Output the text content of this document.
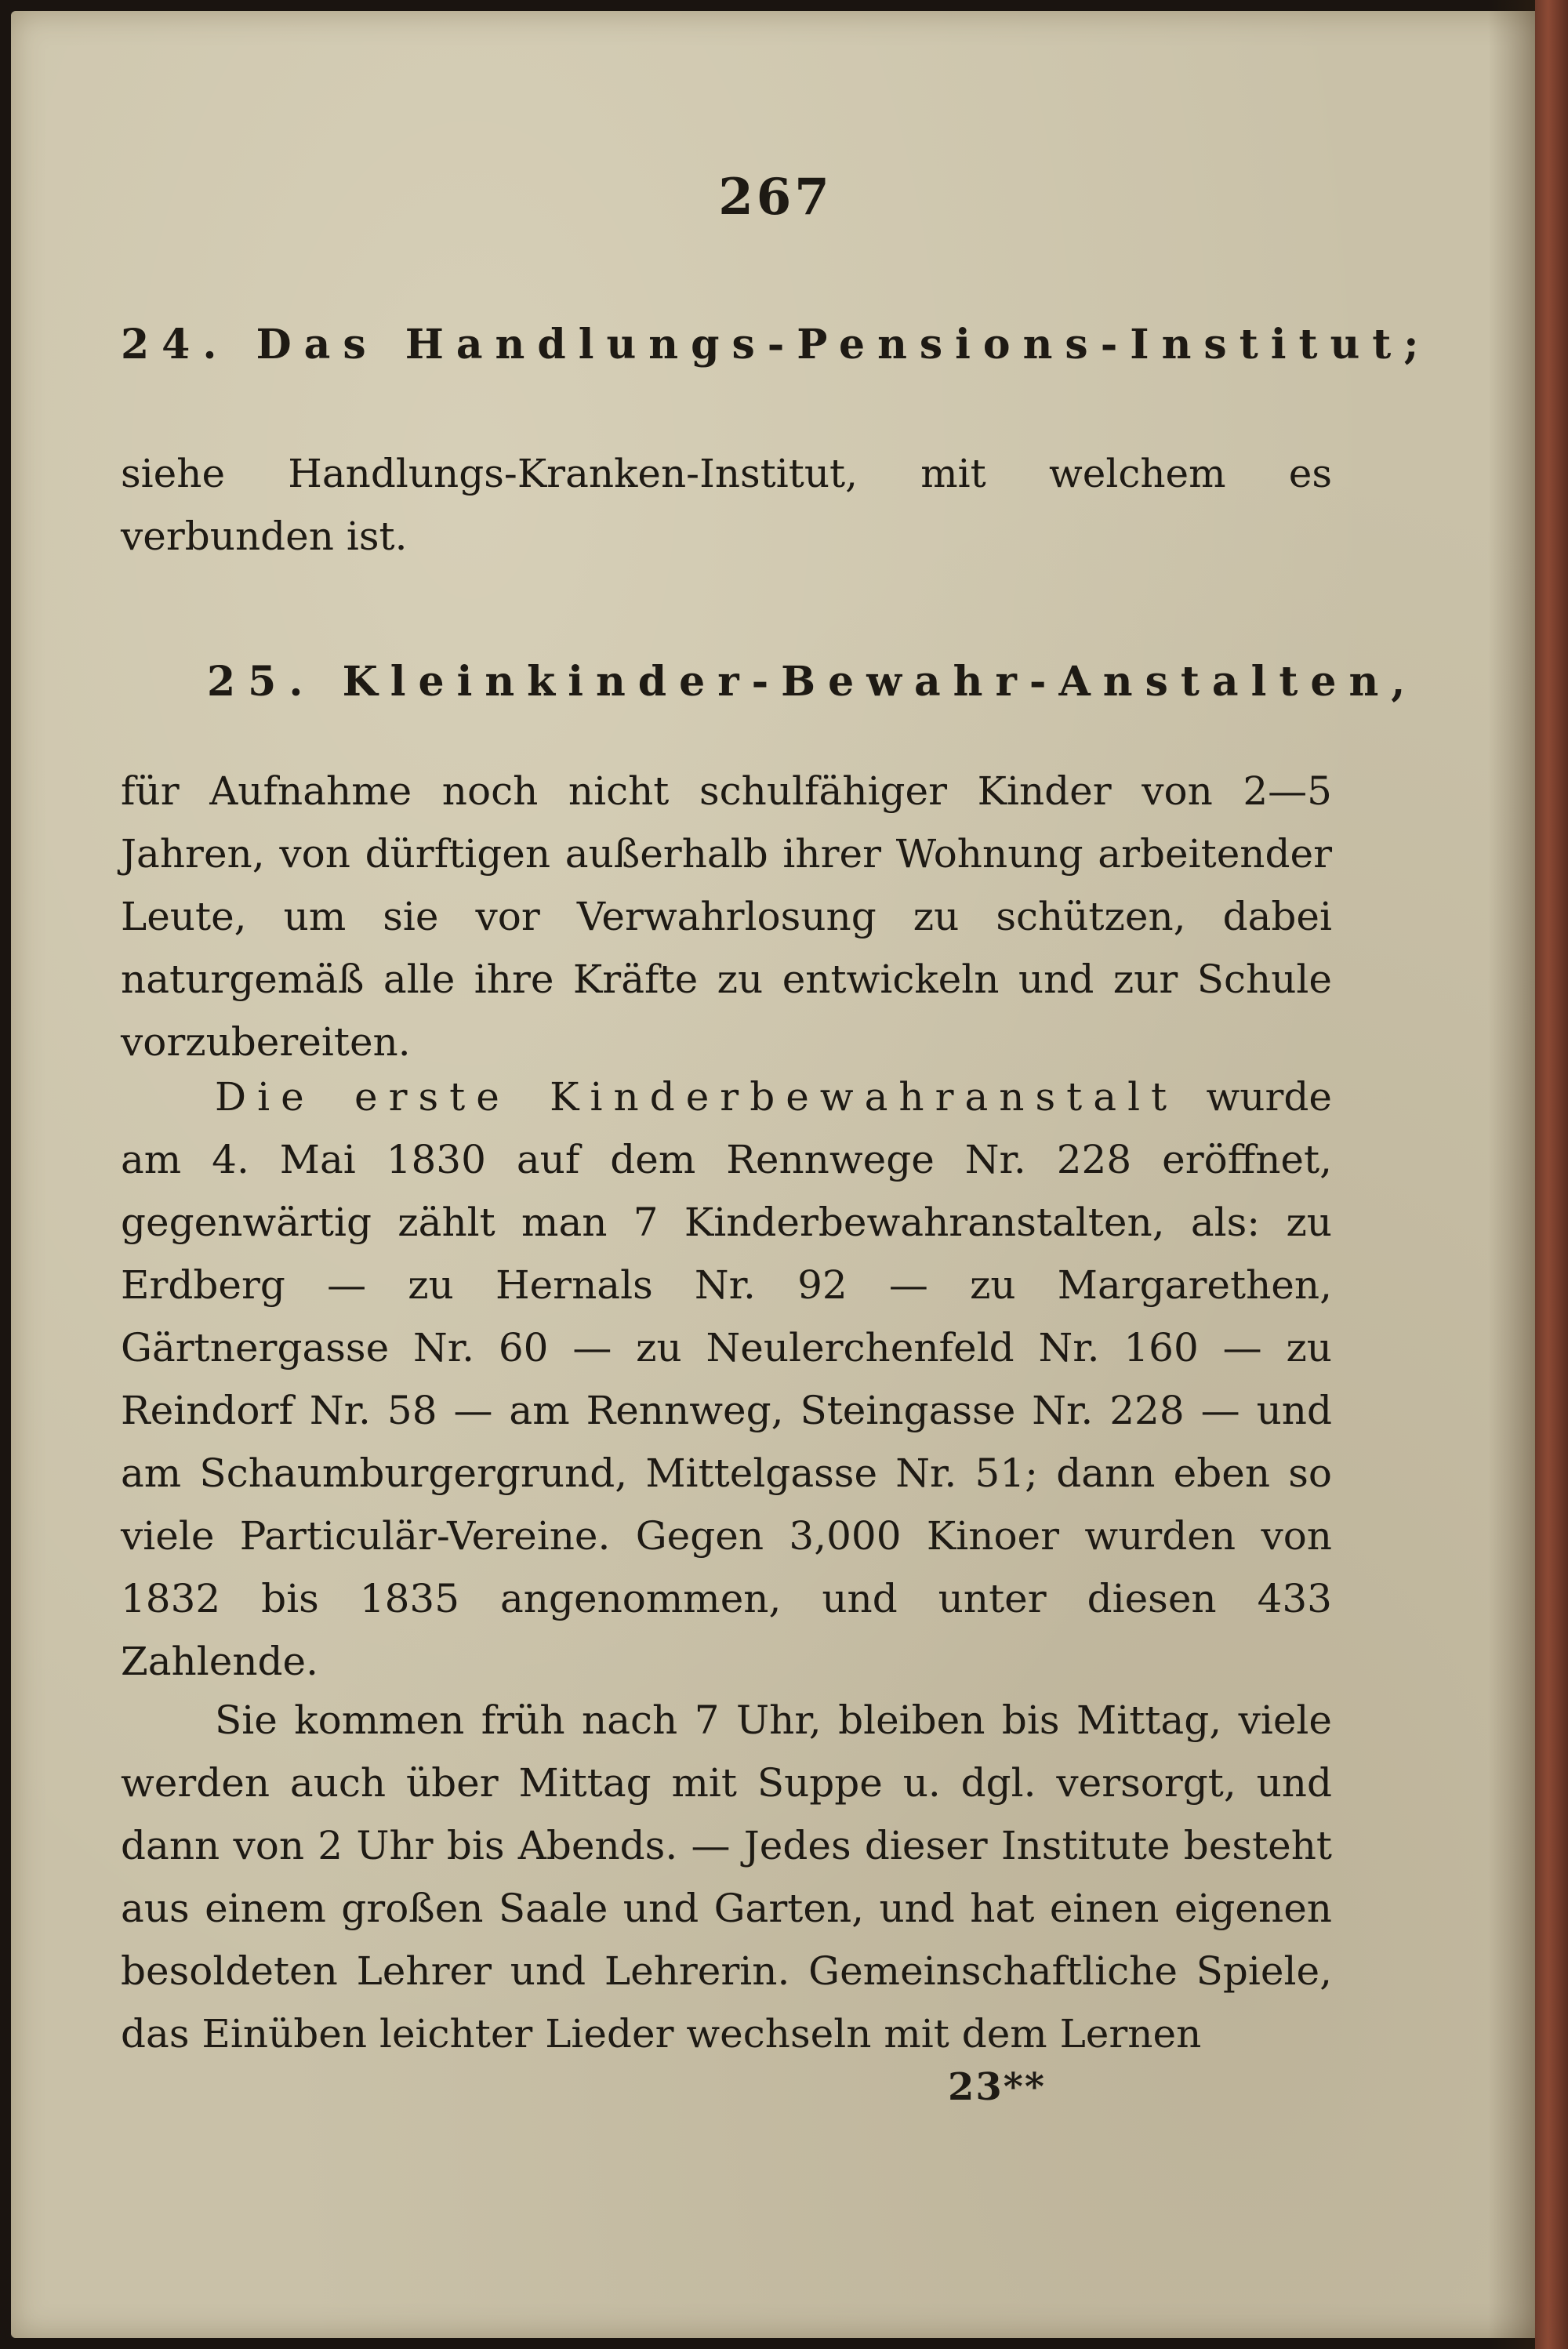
267
24. Das Handlungs-Pensions-Institut;
siehe Handlungs-Kranken-Institut, mit welchem es verbunden ist.
25. Kleinkinder-Bewahr-Anstalten,
für Aufnahme noch nicht schulfähiger Kinder von 2—5 Jahren, von dürftigen außerhalb ihrer Wohnung arbeitender Leute, um sie vor Verwahrlosung zu schützen, dabei naturgemäß alle ihre Kräfte zu entwickeln und zur Schule vorzubereiten.
Die erste Kinderbewahranstalt wurde am 4. Mai 1830 auf dem Rennwege Nr. 228 eröffnet, gegenwärtig zählt man 7 Kinderbewahranstalten, als: zu Erdberg — zu Hernals Nr. 92 — zu Margarethen, Gärtnergasse Nr. 60 — zu Neulerchenfeld Nr. 160 — zu Reindorf Nr. 58 — am Rennweg, Steingasse Nr. 228 — und am Schaumburgergrund, Mittelgasse Nr. 51; dann eben so viele Particulär-Vereine. Gegen 3,000 Kinoer wurden von 1832 bis 1835 angenommen, und unter diesen 433 Zahlende.
Sie kommen früh nach 7 Uhr, bleiben bis Mittag, viele werden auch über Mittag mit Suppe u. dgl. versorgt, und dann von 2 Uhr bis Abends. — Jedes dieser Institute besteht aus einem großen Saale und Garten, und hat einen eigenen besoldeten Lehrer und Lehrerin. Gemeinschaftliche Spiele, das Einüben leichter Lieder wechseln mit dem Lernen
23**
